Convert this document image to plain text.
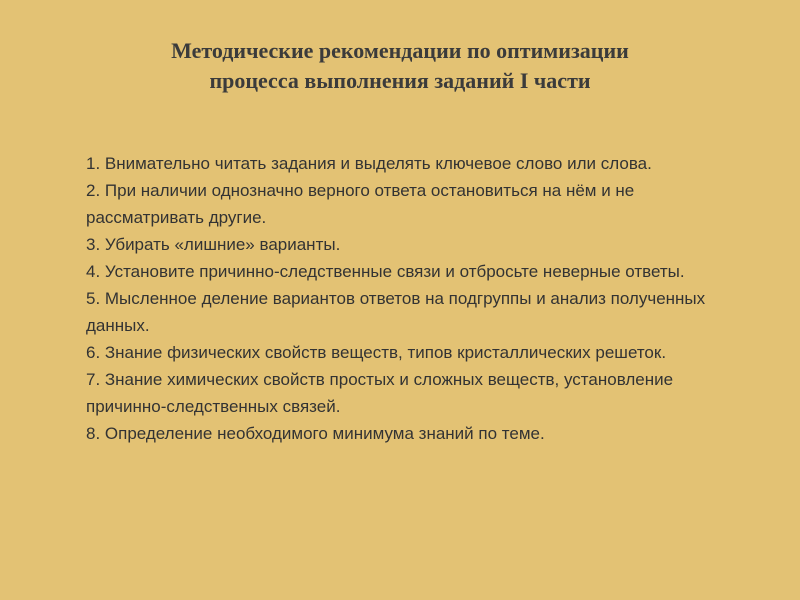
Методические рекомендации по оптимизации
процесса выполнения заданий I части
1. Внимательно читать задания и выделять ключевое слово или слова.
2. При наличии однозначно верного ответа остановиться на нём и не рассматривать другие.
3. Убирать «лишние» варианты.
4. Установите причинно-следственные связи и отбросьте неверные ответы.
5. Мысленное деление вариантов ответов на подгруппы и анализ полученных данных.
6. Знание физических свойств веществ, типов кристаллических решеток.
7. Знание химических свойств простых и сложных веществ, установление причинно-следственных связей.
8. Определение необходимого минимума знаний по теме.
